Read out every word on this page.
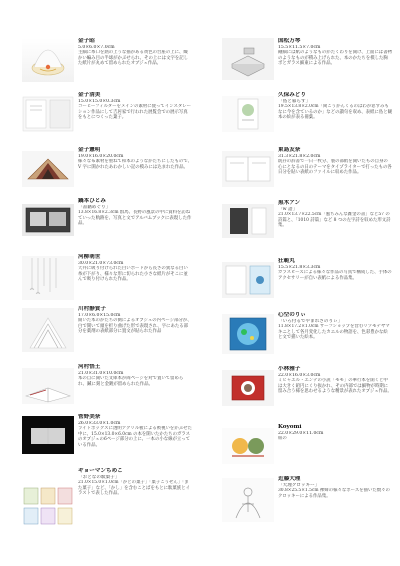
金子昭
5.0×6.0×7.0cm
主細に糸口を熱の上うな描がある黄色の台座の上に、織かい編み目の半球がかぶせられ、その上には文字を記した紙片が丸めて留められたオブジェ作品。
金子清美
15.0×15.0×0.3cm
コーヒーフィルターをメインの素材に使ってインスタレーション作品にして吉居家で行われた展覧会での展示写真をもとにつくった葉子。
金子憲明
19.0×16.0×20.0cm
様々な布素材を重ねて和本のようなかたちにしたもので、V 字に開かれたあわかしい記の模みには込まれた作品。
鍋本ひとみ
「書籍めぐり」
13.8×16.8×2.3cm 群馬、長野の風景の中に資料を訪ねていった軌跡を、写真と文でアルバムブックに表現した作品。
河柳萌世
30.0×21.0×73.0cm
天井に吸り付けられた白いボードから長さの異なる白い糸が下がり、様々な形に切られた小さな紙片がそこに並んで吸り付けられた作品。
川村静賀子
17.0×6.0×15.0cm
開いた本のかたちの側によるオブジェの内ページ部分が、白で開いて頭を折り曲げた形で表現され、字にあたる部分を薬剤の表紙部分に置文が貼られた作品
河村悟王
21.0×31.0×10.0cm
本の自に開いた文庫本が両ページを対で置いて留められ、鍼に刻と金鍍が留められた作品。
菅野美奈
26.0×33.0×1.0cm
ライトボックスに透明アクリル板による被視いをかぶせた中に、15.0×13.0×6.0cm の本を開いたかたちのガラスのオブジェの6ページ部分の上に、一本の小な線が立っている作品。
ギョーマンちめこ
「おとなの駄菓子」
21.0×15.0×1.0cm「かどの菓子」「菓子こうせん」「また菓子」など、「かし」を含むことばをもとに駄菓族とイラストで表した作品。
国松万琴
15.5×11.5×7.0cm
剛細には紙のようなものがたくわりを開け、上面には書物のようなものが積み上げられた、本のかたちを模した胸ボとガラス細東による作品。
久保みどり
「島と暮らす」
19.5×13.8×2.0cm「岡こうかんくるのはわが窓すみもなに今を含ているのか」などの讃句を収め、表紙に島と観本の絵が表る冊葉。
東島友奈
31.3×21.8×2.0cm
既存の辞書で一日一枚分、裏の部紙を開いたもの自身の心にとなるの日のテーマをタイプライターで打ったもの各日分を貼い表紙のファイルに収めた作品。
黒木アン
「w 語」
21.0×13.7×22.5cm「風ちみんな雑金の書」など57 の詩篇と、「1010 詩篇」など 8 つの左字詩を収めた形文詩集。
狂範丸
15.5×21.8×3.3cm
ガラスビーズによる様々な作品の写真で構成した、手体のアクセサリーが自い表紙による作品集。
心空のりぃ
「いろ付るでやまれさのりぃ」
11.8×17.2×1.0cm サーフショップを営むリゾモテヤマキニとして各月変化したカエルの物語を、色彩豊かな絵と文で描いた絵本。
小林雅子
22.0×16.0×3.0cm
ミヒャエル・エンデの小説「モモ」の華行本を開くと中は大きく鉛円にくり抜かれ、その内部では細物が時期に留み合う様を思わせるような精景が表れたオブジェ作品。
Koyomi
22.0×29.0×11.0cm
紐の
近藤大理
「大理クロッキー」
30.8×25.5×1.5cm 裸婦の様々なポーズを描いた数々のクロッキーによる作品集。
